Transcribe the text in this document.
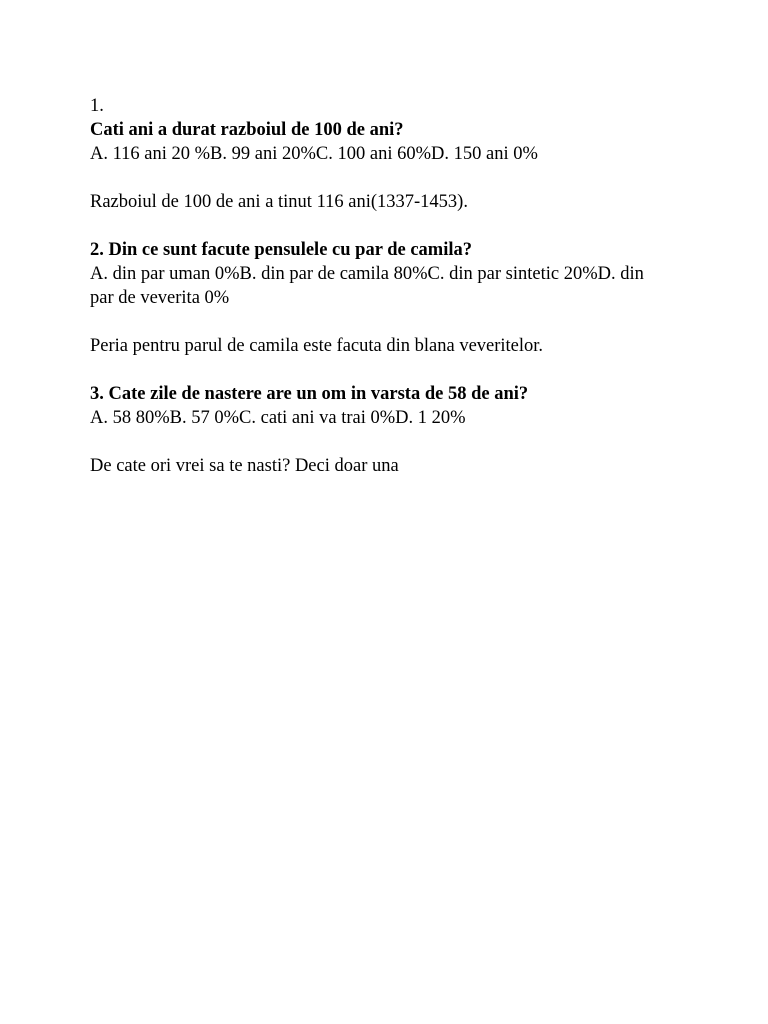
1.
Cati ani a durat razboiul de 100 de ani?
A. 116 ani 20 %B. 99 ani 20%C. 100 ani 60%D. 150 ani 0%
Razboiul de 100 de ani a tinut 116 ani(1337-1453).
2. Din ce sunt facute pensulele cu par de camila?
A. din par uman 0%B. din par de camila 80%C. din par sintetic 20%D. din par de veverita 0%
Peria pentru parul de camila este facuta din blana veveritelor.
3. Cate zile de nastere are un om in varsta de 58 de ani?
A. 58 80%B. 57 0%C. cati ani va trai 0%D. 1 20%
De cate ori vrei sa te nasti? Deci doar una
